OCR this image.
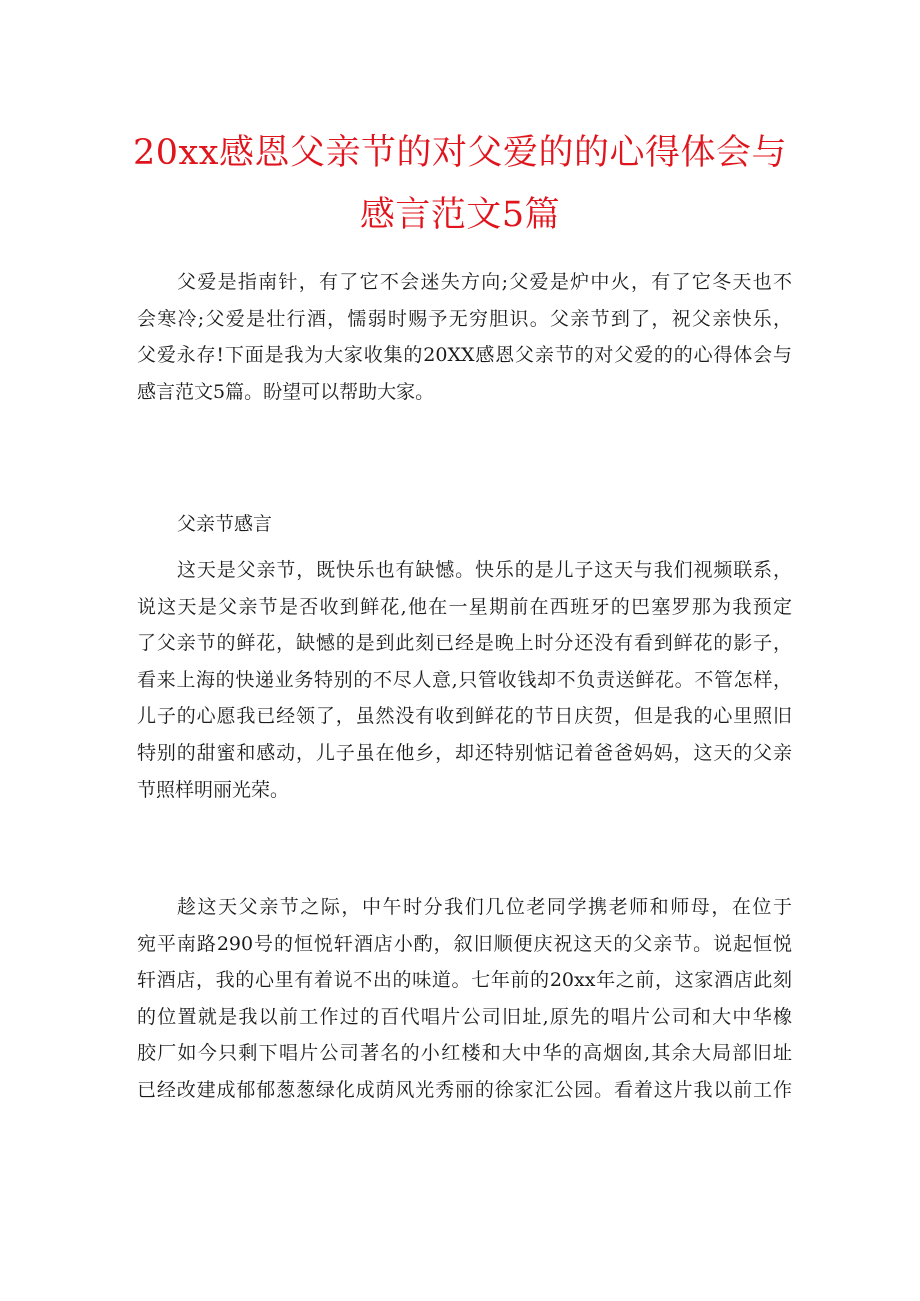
20xx感恩父亲节的对父爱的的心得体会与
感言范文5篇
父爱是指南针，有了它不会迷失方向;父爱是炉中火，有了它冬天也不
会寒冷;父爱是壮行酒，懦弱时赐予无穷胆识。父亲节到了，祝父亲快乐，
父爱永存!下面是我为大家收集的20XX感恩父亲节的对父爱的的心得体会与
感言范文5篇。盼望可以帮助大家。
父亲节感言
这天是父亲节，既快乐也有缺憾。快乐的是儿子这天与我们视频联系，
说这天是父亲节是否收到鲜花,他在一星期前在西班牙的巴塞罗那为我预定
了父亲节的鲜花，缺憾的是到此刻已经是晚上时分还没有看到鲜花的影子，
看来上海的快递业务特别的不尽人意,只管收钱却不负责送鲜花。不管怎样，
儿子的心愿我已经领了，虽然没有收到鲜花的节日庆贺，但是我的心里照旧
特别的甜蜜和感动，儿子虽在他乡，却还特别惦记着爸爸妈妈，这天的父亲
节照样明丽光荣。
趁这天父亲节之际，中午时分我们几位老同学携老师和师母，在位于
宛平南路290号的恒悦轩酒店小酌，叙旧顺便庆祝这天的父亲节。说起恒悦
轩酒店，我的心里有着说不出的味道。七年前的20xx年之前，这家酒店此刻
的位置就是我以前工作过的百代唱片公司旧址,原先的唱片公司和大中华橡
胶厂如今只剩下唱片公司著名的小红楼和大中华的高烟囱,其余大局部旧址
已经改建成郁郁葱葱绿化成荫风光秀丽的徐家汇公园。看着这片我以前工作
